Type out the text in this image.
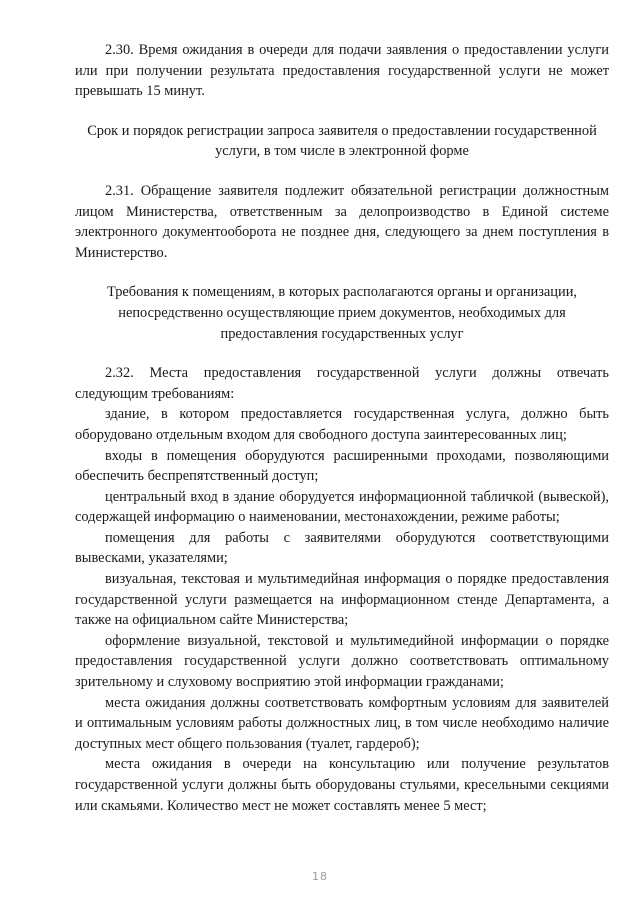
2.30. Время ожидания в очереди для подачи заявления о предоставлении услуги или при получении результата предоставления государственной услуги не может превышать 15 минут.

Срок и порядок регистрации запроса заявителя о предоставлении государственной услуги, в том числе в электронной форме

2.31. Обращение заявителя подлежит обязательной регистрации должностным лицом Министерства, ответственным за делопроизводство в Единой системе электронного документооборота не позднее дня, следующего за днем поступления в Министерство.

Требования к помещениям, в которых располагаются органы и организации, непосредственно осуществляющие прием документов, необходимых для предоставления государственных услуг

2.32. Места предоставления государственной услуги должны отвечать следующим требованиям:

здание, в котором предоставляется государственная услуга, должно быть оборудовано отдельным входом для свободного доступа заинтересованных лиц;

входы в помещения оборудуются расширенными проходами, позволяющими обеспечить беспрепятственный доступ;

центральный вход в здание оборудуется информационной табличкой (вывеской), содержащей информацию о наименовании, местонахождении, режиме работы;

помещения для работы с заявителями оборудуются соответствующими вывесками, указателями;

визуальная, текстовая и мультимедийная информация о порядке предоставления государственной услуги размещается на информационном стенде Департамента, а также на официальном сайте Министерства;

оформление визуальной, текстовой и мультимедийной информации о порядке предоставления государственной услуги должно соответствовать оптимальному зрительному и слуховому восприятию этой информации гражданами;

места ожидания должны соответствовать комфортным условиям для заявителей и оптимальным условиям работы должностных лиц, в том числе необходимо наличие доступных мест общего пользования (туалет, гардероб);

места ожидания в очереди на консультацию или получение результатов государственной услуги должны быть оборудованы стульями, кресельными секциями или скамьями. Количество мест не может составлять менее 5 мест;

18
